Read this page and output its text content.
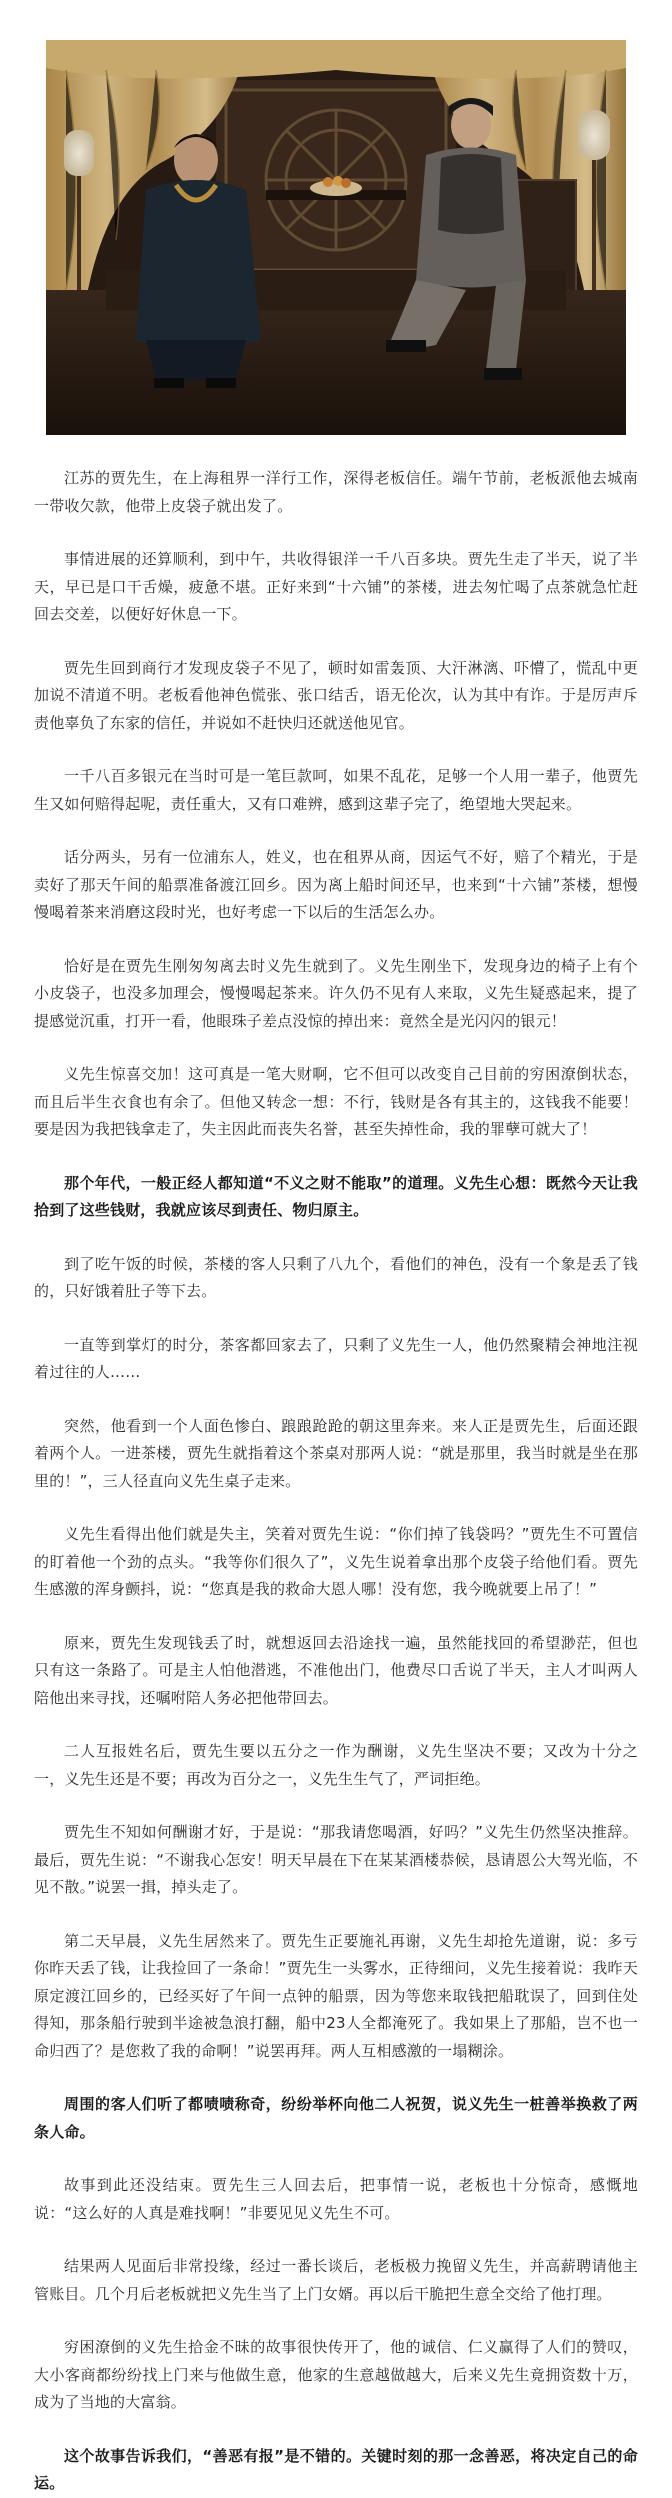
江苏的贾先生，在上海租界一洋行工作，深得老板信任。端午节前，老板派他去城南一带收欠款，他带上皮袋子就出发了。

事情进展的还算顺利，到中午，共收得银洋一千八百多块。贾先生走了半天，说了半天，早已是口干舌燥，疲惫不堪。正好来到“十六铺”的茶楼，进去匆忙喝了点茶就急忙赶回去交差，以便好好休息一下。

贾先生回到商行才发现皮袋子不见了，顿时如雷轰顶、大汗淋漓、吓懵了，慌乱中更加说不清道不明。老板看他神色慌张、张口结舌，语无伦次，认为其中有诈。于是厉声斥责他辜负了东家的信任，并说如不赶快归还就送他见官。

一千八百多银元在当时可是一笔巨款呵，如果不乱花，足够一个人用一辈子，他贾先生又如何赔得起呢，责任重大，又有口难辨，感到这辈子完了，绝望地大哭起来。

话分两头，另有一位浦东人，姓义，也在租界从商，因运气不好，赔了个精光，于是卖好了那天午间的船票准备渡江回乡。因为离上船时间还早，也来到“十六铺”茶楼，想慢慢喝着茶来消磨这段时光，也好考虑一下以后的生活怎么办。

恰好是在贾先生刚匆匆离去时义先生就到了。义先生刚坐下，发现身边的椅子上有个小皮袋子，也没多加理会，慢慢喝起茶来。许久仍不见有人来取，义先生疑惑起来，提了提感觉沉重，打开一看，他眼珠子差点没惊的掉出来：竟然全是光闪闪的银元！

义先生惊喜交加！这可真是一笔大财啊，它不但可以改变自己目前的穷困潦倒状态，而且后半生衣食也有余了。但他又转念一想：不行，钱财是各有其主的，这钱我不能要！要是因为我把钱拿走了，失主因此而丧失名誉，甚至失掉性命，我的罪孽可就大了！

那个年代，一般正经人都知道“不义之财不能取”的道理。义先生心想：既然今天让我拾到了这些钱财，我就应该尽到责任、物归原主。

到了吃午饭的时候，茶楼的客人只剩了八九个，看他们的神色，没有一个象是丢了钱的，只好饿着肚子等下去。

一直等到掌灯的时分，茶客都回家去了，只剩了义先生一人，他仍然聚精会神地注视着过往的人……

突然，他看到一个人面色惨白、踉踉跄跄的朝这里奔来。来人正是贾先生，后面还跟着两个人。一进茶楼，贾先生就指着这个茶桌对那两人说：“就是那里，我当时就是坐在那里的！”，三人径直向义先生桌子走来。

义先生看得出他们就是失主，笑着对贾先生说：“你们掉了钱袋吗？”贾先生不可置信的盯着他一个劲的点头。“我等你们很久了”，义先生说着拿出那个皮袋子给他们看。贾先生感激的浑身颤抖，说：“您真是我的救命大恩人哪！没有您，我今晚就要上吊了！”

原来，贾先生发现钱丢了时，就想返回去沿途找一遍，虽然能找回的希望渺茫，但也只有这一条路了。可是主人怕他潜逃，不准他出门，他费尽口舌说了半天，主人才叫两人陪他出来寻找，还嘱咐陪人务必把他带回去。

二人互报姓名后，贾先生要以五分之一作为酬谢，义先生坚决不要；又改为十分之一，义先生还是不要；再改为百分之一，义先生生气了，严词拒绝。

贾先生不知如何酬谢才好，于是说：“那我请您喝酒，好吗？”义先生仍然坚决推辞。最后，贾先生说：“不谢我心怎安！明天早晨在下在某某酒楼恭候，恳请恩公大驾光临，不见不散。”说罢一揖，掉头走了。

第二天早晨，义先生居然来了。贾先生正要施礼再谢，义先生却抢先道谢，说：多亏你昨天丢了钱，让我捡回了一条命！”贾先生一头雾水，正待细问，义先生接着说：我昨天原定渡江回乡的，已经买好了午间一点钟的船票，因为等您来取钱把船耽误了，回到住处得知，那条船行驶到半途被急浪打翻，船中23人全都淹死了。我如果上了那船，岂不也一命归西了？是您救了我的命啊！”说罢再拜。两人互相感激的一塌糊涂。

周围的客人们听了都啧啧称奇，纷纷举杯向他二人祝贺，说义先生一桩善举换救了两条人命。

故事到此还没结束。贾先生三人回去后，把事情一说，老板也十分惊奇，感慨地说：“这么好的人真是难找啊！”非要见见义先生不可。

结果两人见面后非常投缘，经过一番长谈后，老板极力挽留义先生，并高薪聘请他主管账目。几个月后老板就把义先生当了上门女婿。再以后干脆把生意全交给了他打理。

穷困潦倒的义先生拾金不昧的故事很快传开了，他的诚信、仁义赢得了人们的赞叹，大小客商都纷纷找上门来与他做生意，他家的生意越做越大，后来义先生竟拥资数十万，成为了当地的大富翁。

这个故事告诉我们，“善恶有报”是不错的。关键时刻的那一念善恶，将决定自己的命运。
